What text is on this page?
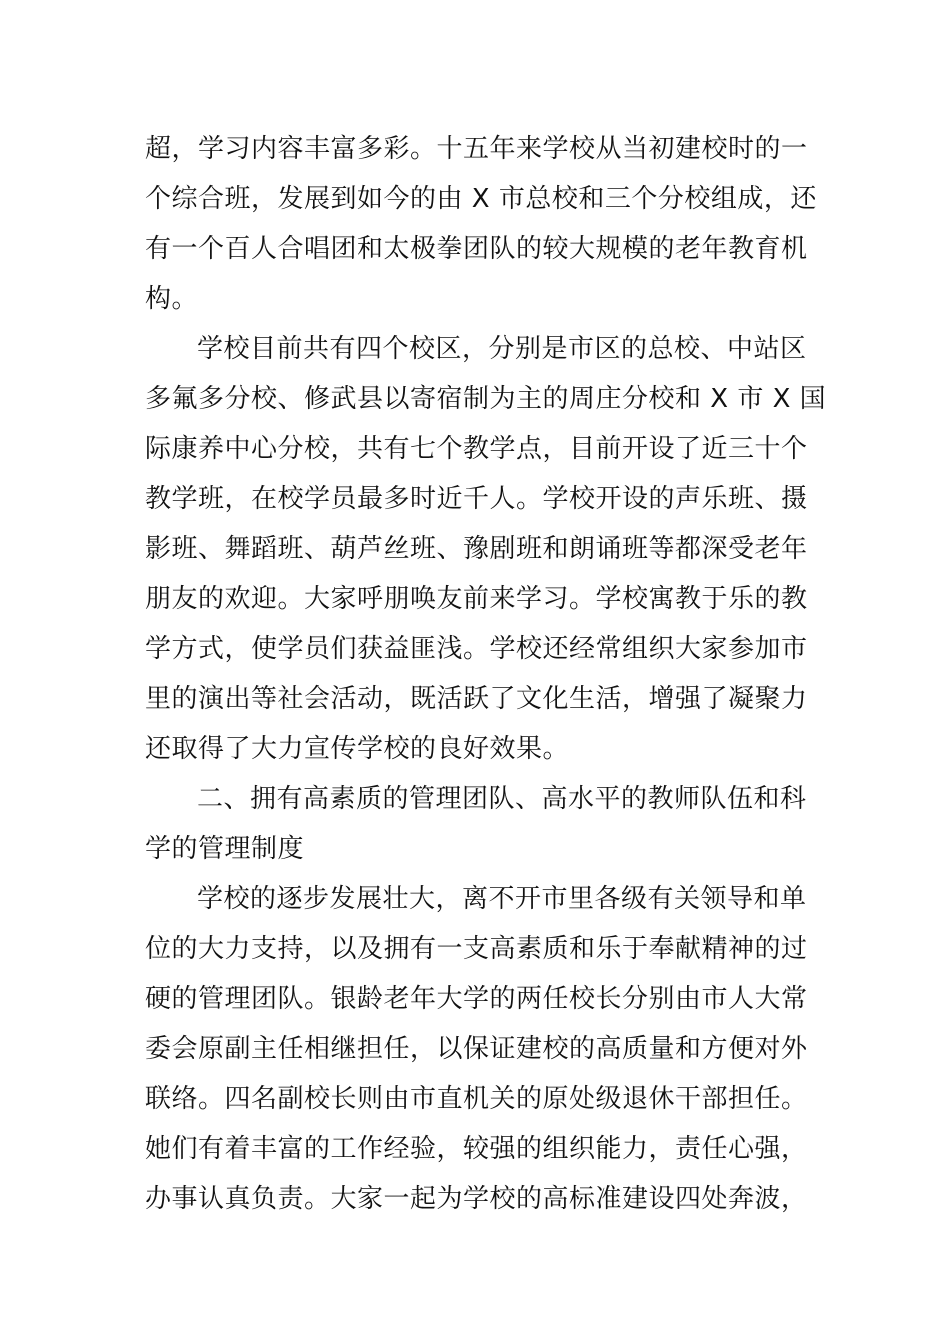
超，学习内容丰富多彩。十五年来学校从当初建校时的一
个综合班，发展到如今的由 X 市总校和三个分校组成，还
有一个百人合唱团和太极拳团队的较大规模的老年教育机
构。
学校目前共有四个校区，分别是市区的总校、中站区
多氟多分校、修武县以寄宿制为主的周庄分校和 X 市 X 国
际康养中心分校，共有七个教学点，目前开设了近三十个
教学班，在校学员最多时近千人。学校开设的声乐班、摄
影班、舞蹈班、葫芦丝班、豫剧班和朗诵班等都深受老年
朋友的欢迎。大家呼朋唤友前来学习。学校寓教于乐的教
学方式，使学员们获益匪浅。学校还经常组织大家参加市
里的演出等社会活动，既活跃了文化生活，增强了凝聚力
还取得了大力宣传学校的良好效果。
二、拥有高素质的管理团队、高水平的教师队伍和科
学的管理制度
学校的逐步发展壮大，离不开市里各级有关领导和单
位的大力支持，以及拥有一支高素质和乐于奉献精神的过
硬的管理团队。银龄老年大学的两任校长分别由市人大常
委会原副主任相继担任，以保证建校的高质量和方便对外
联络。四名副校长则由市直机关的原处级退休干部担任。
她们有着丰富的工作经验，较强的组织能力，责任心强，
办事认真负责。大家一起为学校的高标准建设四处奔波，
